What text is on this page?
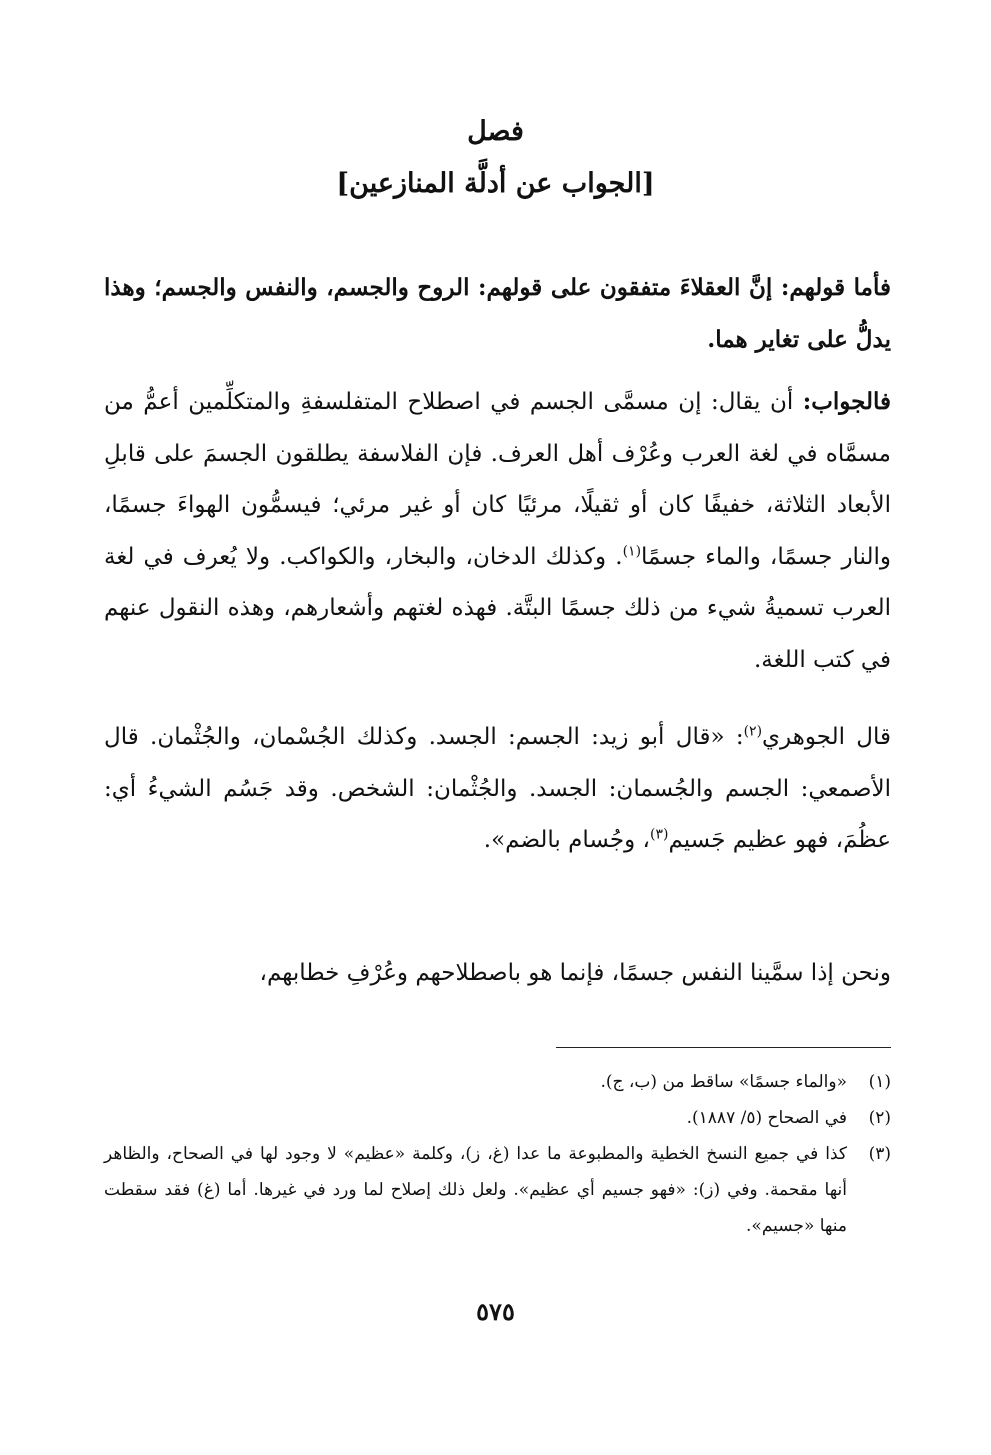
فصل
[الجواب عن أدلَّة المنازعين]

فأما قولهم: إنَّ العقلاءَ متفقون على قولهم: الروح والجسم، والنفس والجسم؛ وهذا يدلُّ على تغاير هما.

فالجواب: أن يقال: إن مسمَّى الجسم في اصطلاح المتفلسفةِ والمتكلِّمين أعمُّ من مسمَّاه في لغة العرب وعُرْف أهل العرف. فإن الفلاسفة يطلقون الجسمَ على قابلِ الأبعاد الثلاثة، خفيفًا كان أو ثقيلًا، مرئيًا كان أو غير مرئي؛ فيسمُّون الهواءَ جسمًا، والنار جسمًا، والماء جسمًا$^{(١)}$. وكذلك الدخان، والبخار، والكواكب. ولا يُعرف في لغة العرب تسميةُ شيء من ذلك جسمًا البتَّة. فهذه لغتهم وأشعارهم، وهذه النقول عنهم في كتب اللغة.

قال الجوهري$^{(٢)}$: «قال أبو زيد: الجسم: الجسد. وكذلك الجُسْمان، والجُثْمان. قال الأصمعي: الجسم والجُسمان: الجسد. والجُثْمان: الشخص. وقد جَسُم الشيءُ أي: عظُمَ، فهو عظيم جَسيم$^{(٣)}$، وجُسام بالضم».

ونحن إذا سمَّينا النفس جسمًا، فإنما هو باصطلاحهم وعُرْفِ خطابهم،

(١)
«والماء جسمًا» ساقط من (ب، ج).
(٢)
في الصحاح (٥/ ١٨٨٧).
(٣)
كذا في جميع النسخ الخطية والمطبوعة ما عدا (غ، ز)، وكلمة «عظيم» لا وجود لها في الصحاح، والظاهر أنها مقحمة. وفي (ز): «فهو جسيم أي عظيم». ولعل ذلك إصلاح لما ورد في غيرها. أما (غ) فقد سقطت منها «جسيم».
٥٧٥
